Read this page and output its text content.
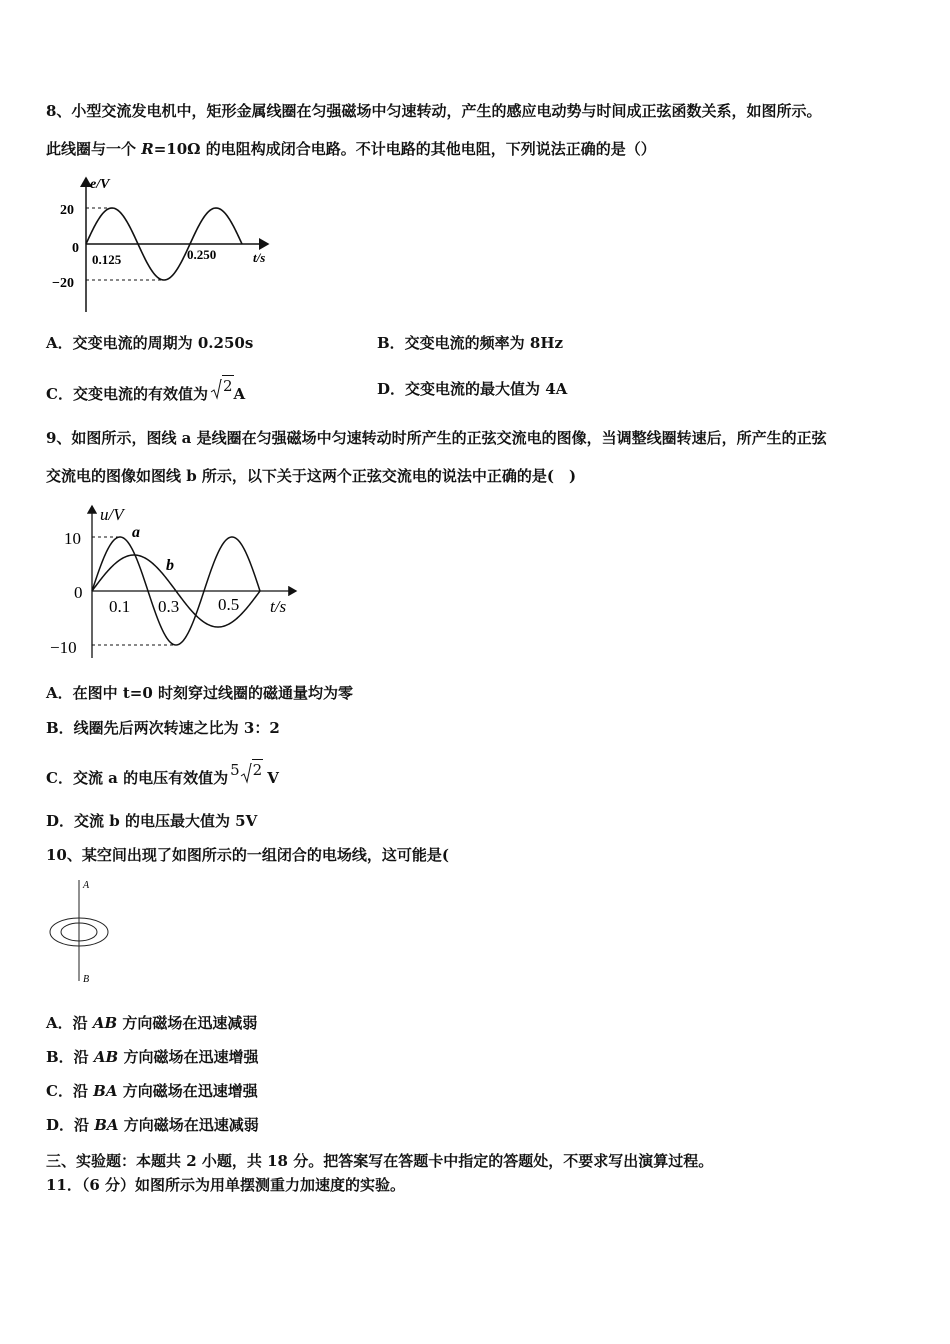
8、小型交流发电机中，矩形金属线圈在匀强磁场中匀速转动，产生的感应电动势与时间成正弦函数关系，如图所示。
此线圈与一个 R=10Ω 的电阻构成闭合电路。不计电路的其他电阻，下列说法正确的是（）
e/V
t/s
20
0
−20
0.125	0.250
A．交变电流的周期为 0.250s	B．交变电流的频率为 8Hz
C．交变电流的有效值为 2A	D．交变电流的最大值为 4A
9、如图所示，图线 a 是线圈在匀强磁场中匀速转动时所产生的正弦交流电的图像，当调整线圈转速后，所产生的正弦
交流电的图像如图线 b 所示，以下关于这两个正弦交流电的说法中正确的是(　)
u/V
t/s
10
0
−10
0.1 0.3 0.5
a
b
A．在图中 t=0 时刻穿过线圈的磁通量均为零
B．线圈先后两次转速之比为 3：2
C．交流 a 的电压有效值为 5 2 V
D．交流 b 的电压最大值为 5V
10、某空间出现了如图所示的一组闭合的电场线，这可能是(
A
B
A．沿 AB 方向磁场在迅速减弱
B．沿 AB 方向磁场在迅速增强
C．沿 BA 方向磁场在迅速增强
D．沿 BA 方向磁场在迅速减弱
三、实验题：本题共 2 小题，共 18 分。把答案写在答题卡中指定的答题处，不要求写出演算过程。
11．（6 分）如图所示为用单摆测重力加速度的实验。
